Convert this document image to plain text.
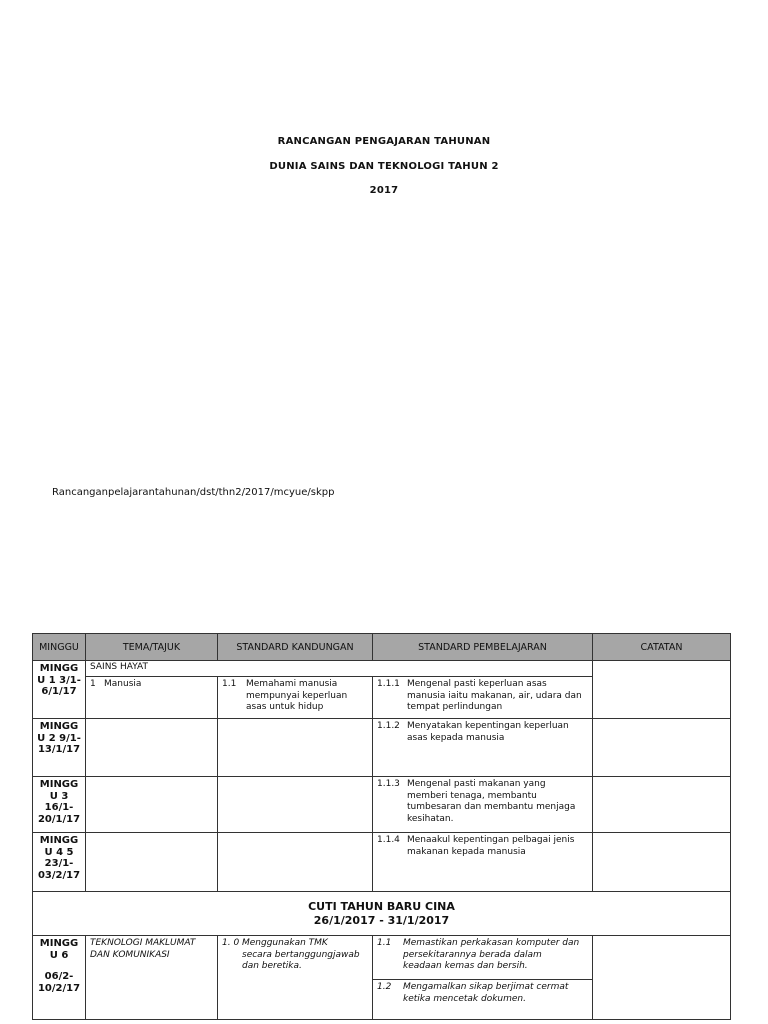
RANCANGAN PENGAJARAN TAHUNAN
DUNIA SAINS DAN TEKNOLOGI TAHUN 2
2017
Rancanganpelajarantahunan/dst/thn2/2017/mcyue/skpp
MINGGU	TEMA/TAJUK	STANDARD KANDUNGAN	STANDARD PEMBELAJARAN	CATATAN
MINGG U 1 3/1- 6/1/17	SAINS HAYAT			
	1 Manusia	1.1 Memahami manusia mempunyai keperluan asas untuk hidup	1.1.1 Mengenal pasti keperluan asas manusia iaitu makanan, air, udara dan tempat perlindungan	
MINGG U 2 9/1- 13/1/17			1.1.2 Menyatakan kepentingan keperluan asas kepada manusia	
MINGG U 3 16/1- 20/1/17			1.1.3 Mengenal pasti makanan yang memberi tenaga, membantu tumbesaran dan membantu menjaga kesihatan.	
MINGG U 4 5 23/1- 03/2/17			1.1.4 Menaakul kepentingan pelbagai jenis makanan kepada manusia	

CUTI TAHUN BARU CINA
26/1/2017 - 31/1/2017				

MINGG U 6
06/2- 10/2/17	TEKNOLOGI MAKLUMAT DAN KOMUNIKASI	1. 0 Menggunakan TMK secara bertanggungjawab dan beretika.	1.1 Memastikan perkakasan komputer dan persekitarannya berada dalam keadaan kemas dan bersih.	
			1.2 Mengamalkan sikap berjimat cermat ketika mencetak dokumen.	
